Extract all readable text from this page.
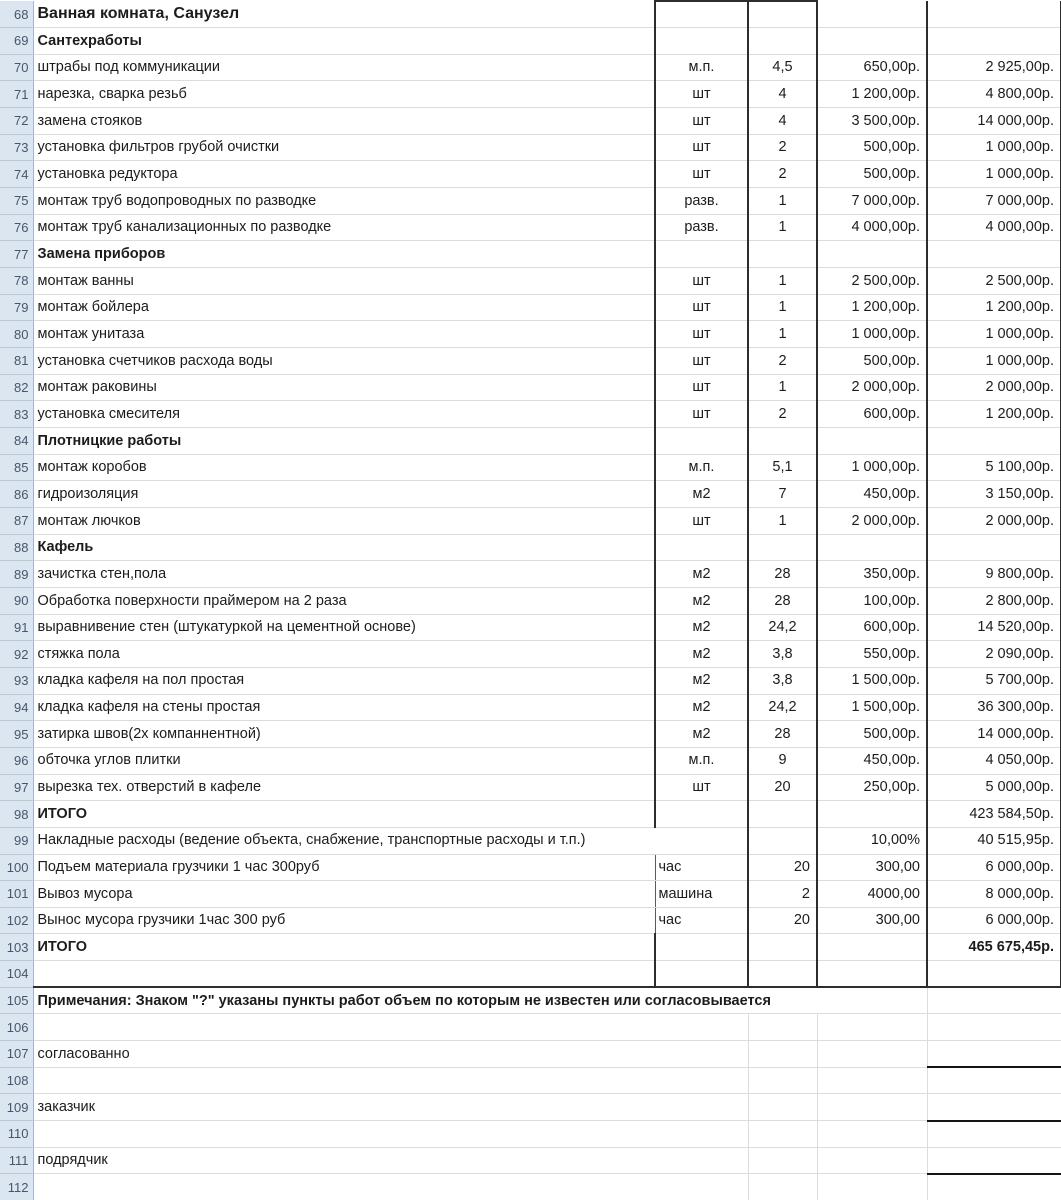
68	Ванная комната, Санузел				
69	Сантехработы				
70	штрабы под коммуникации	м.п.	4,5	650,00р.	2 925,00р.
71	нарезка, сварка резьб	шт	4	1 200,00р.	4 800,00р.
72	замена стояков	шт	4	3 500,00р.	14 000,00р.
73	установка фильтров грубой очистки	шт	2	500,00р.	1 000,00р.
74	установка редуктора	шт	2	500,00р.	1 000,00р.
75	монтаж труб водопроводных по разводке	разв.	1	7 000,00р.	7 000,00р.
76	монтаж труб канализационных по разводке	разв.	1	4 000,00р.	4 000,00р.
77	Замена приборов				
78	монтаж ванны	шт	1	2 500,00р.	2 500,00р.
79	монтаж бойлера	шт	1	1 200,00р.	1 200,00р.
80	монтаж унитаза	шт	1	1 000,00р.	1 000,00р.
81	установка счетчиков расхода воды	шт	2	500,00р.	1 000,00р.
82	монтаж раковины	шт	1	2 000,00р.	2 000,00р.
83	установка смесителя	шт	2	600,00р.	1 200,00р.
84	Плотницкие работы				
85	монтаж коробов	м.п.	5,1	1 000,00р.	5 100,00р.
86	гидроизоляция	м2	7	450,00р.	3 150,00р.
87	монтаж лючков	шт	1	2 000,00р.	2 000,00р.
88	Кафель				
89	зачистка стен,пола	м2	28	350,00р.	9 800,00р.
90	Обработка поверхности праймером на 2 раза	м2	28	100,00р.	2 800,00р.
91	выравнивение стен (штукатуркой на цементной основе)	м2	24,2	600,00р.	14 520,00р.
92	стяжка пола	м2	3,8	550,00р.	2 090,00р.
93	кладка кафеля на пол простая	м2	3,8	1 500,00р.	5 700,00р.
94	кладка кафеля на стены простая	м2	24,2	1 500,00р.	36 300,00р.
95	затирка швов(2х компаннентной)	м2	28	500,00р.	14 000,00р.
96	обточка углов плитки	м.п.	9	450,00р.	4 050,00р.
97	вырезка тех. отверстий в кафеле	шт	20	250,00р.	5 000,00р.
98	ИТОГО				423 584,50р.
99	Накладные расходы (ведение объекта, снабжение, транспортные расходы и т.п.)			10,00%	40 515,95р.
100	Подъем материала грузчики 1 час 300руб	час	20	300,00	6 000,00р.
101	Вывоз мусора	машина	2	4000,00	8 000,00р.
102	Вынос мусора грузчики 1час 300 руб	час	20	300,00	6 000,00р.
103	ИТОГО				465 675,45р.
104					
105	Примечания: Знаком "?" указаны пункты работ объем по которым не известен или согласовывается				
106					
107	согласованно				
108					
109	заказчик				
110					
111	подрядчик				
112					
